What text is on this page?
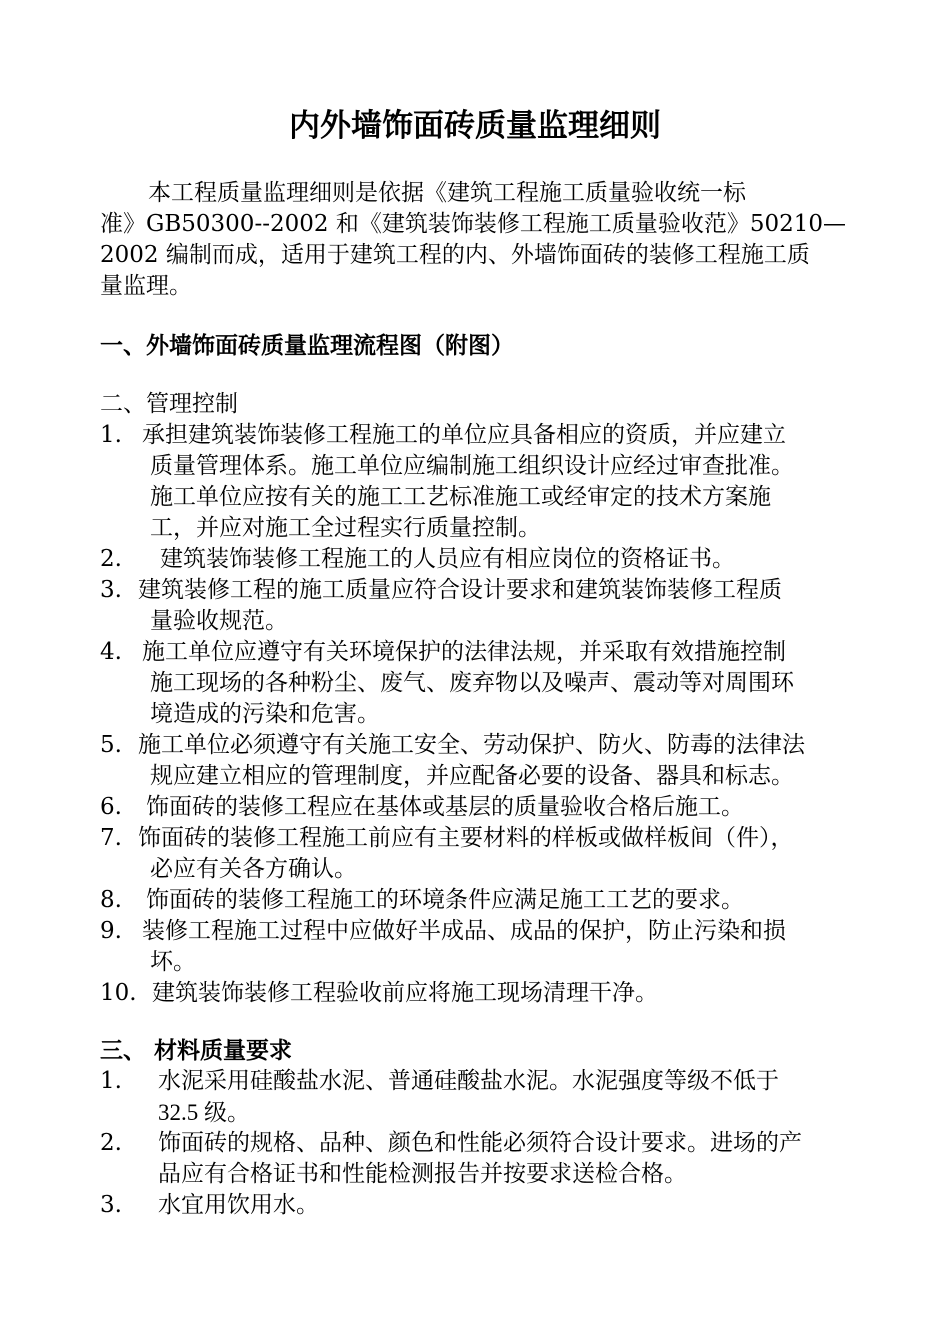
内外墙饰面砖质量监理细则

本工程质量监理细则是依据《建筑工程施工质量验收统一标
准》GB50300--2002 和《建筑装饰装修工程施工质量验收范》50210—
2002 编制而成，适用于建筑工程的内、外墙饰面砖的装修工程施工质
量监理。

一、外墙饰面砖质量监理流程图（附图）

二、管理控制

1. 承担建筑装饰装修工程施工的单位应具备相应的资质，并应建立
质量管理体系。施工单位应编制施工组织设计应经过审查批准。
施工单位应按有关的施工工艺标准施工或经审定的技术方案施
工，并应对施工全过程实行质量控制。
2. 建筑装饰装修工程施工的人员应有相应岗位的资格证书。
3. 建筑装修工程的施工质量应符合设计要求和建筑装饰装修工程质
量验收规范。
4. 施工单位应遵守有关环境保护的法律法规，并采取有效措施控制
施工现场的各种粉尘、废气、废弃物以及噪声、震动等对周围环
境造成的污染和危害。
5. 施工单位必须遵守有关施工安全、劳动保护、防火、防毒的法律法
规应建立相应的管理制度，并应配备必要的设备、器具和标志。
6. 饰面砖的装修工程应在基体或基层的质量验收合格后施工。
7. 饰面砖的装修工程施工前应有主要材料的样板或做样板间（件），
必应有关各方确认。
8. 饰面砖的装修工程施工的环境条件应满足施工工艺的要求。
9. 装修工程施工过程中应做好半成品、成品的保护，防止污染和损
坏。
10. 建筑装饰装修工程验收前应将施工现场清理干净。

三、 材料质量要求

1. 水泥采用硅酸盐水泥、普通硅酸盐水泥。水泥强度等级不低于
32.5 级。
2. 饰面砖的规格、品种、颜色和性能必须符合设计要求。进场的产
品应有合格证书和性能检测报告并按要求送检合格。
3. 水宜用饮用水。
